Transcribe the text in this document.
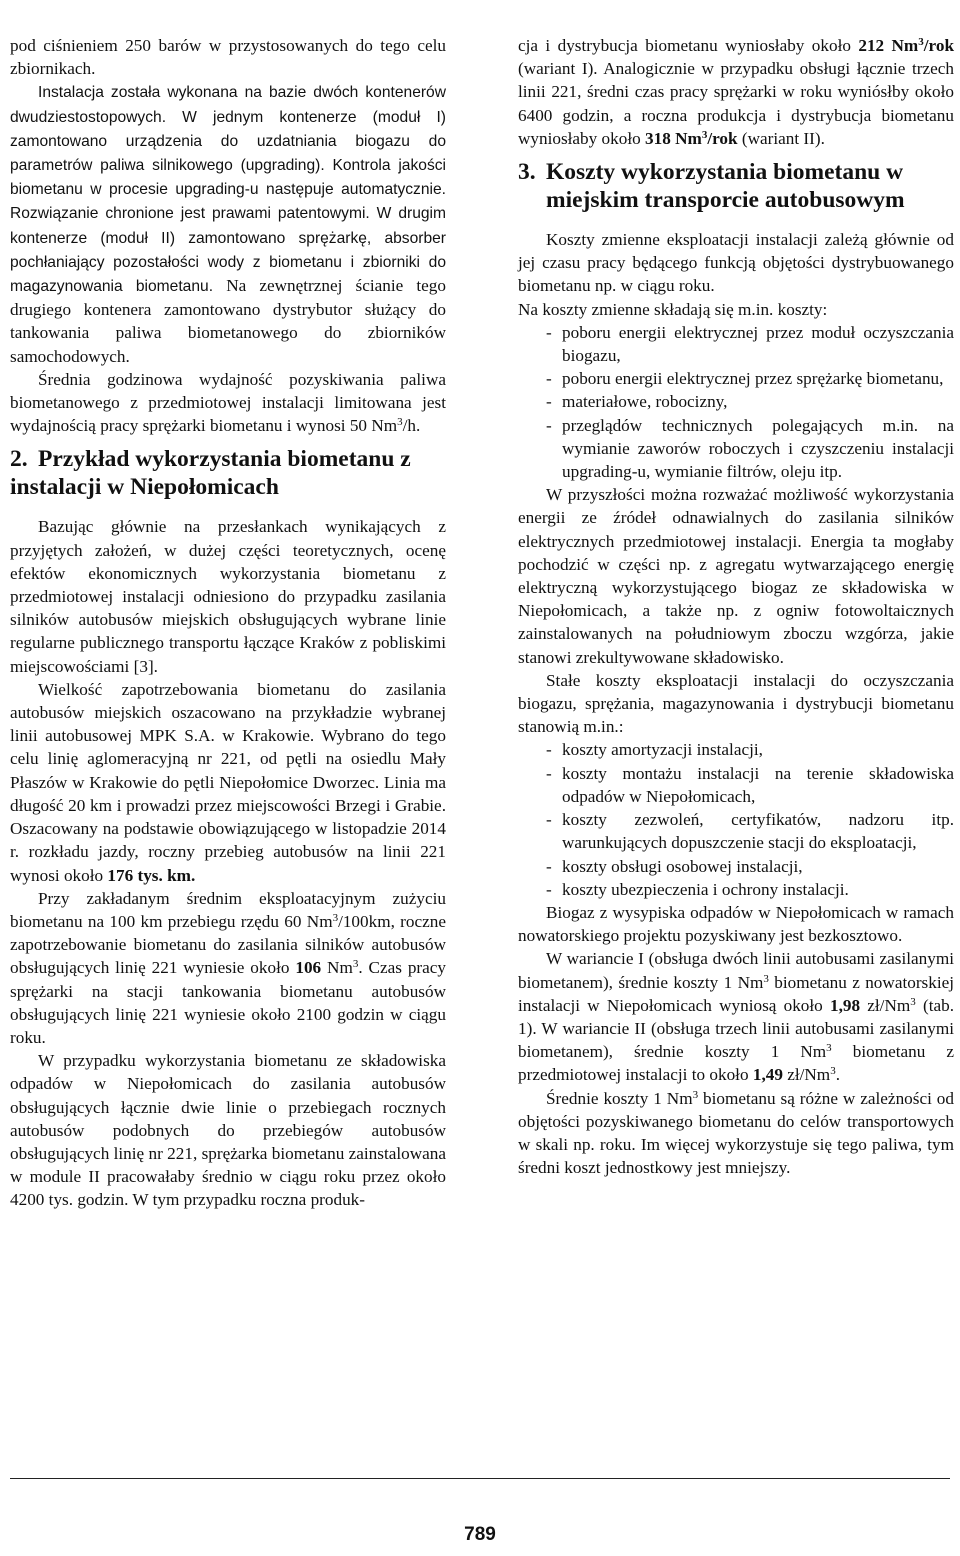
pod ciśnieniem 250 barów w przystosowanych do tego celu zbiornikach.

Instalacja została wykonana na bazie dwóch kontenerów dwudziestostopowych. W jednym kontenerze (moduł I) zamontowano urządzenia do uzdatniania biogazu do parametrów paliwa silnikowego (upgrading). Kontrola jakości biometanu w procesie upgrading-u następuje automatycznie. Rozwiązanie chronione jest prawami patentowymi. W drugim kontenerze (moduł II) zamontowano sprężarkę, absorber pochłaniający pozostałości wody z biometanu i zbiorniki do magazynowania biometanu. Na zewnętrznej ścianie tego drugiego kontenera zamontowano dystrybutor służący do tankowania paliwa biometanowego do zbiorników samochodowych.

Średnia godzinowa wydajność pozyskiwania paliwa biometanowego z przedmiotowej instalacji limitowana jest wydajnością pracy sprężarki biometanu i wynosi 50 Nm$^3$/h.

2. Przykład wykorzystania biometanu z
instalacji w Niepołomicach

Bazując głównie na przesłankach wynikających z przyjętych założeń, w dużej części teoretycznych, ocenę efektów ekonomicznych wykorzystania biometanu z przedmiotowej instalacji odniesiono do przypadku zasilania silników autobusów miejskich obsługujących wybrane linie regularne publicznego transportu łączące Kraków z pobliskimi miejscowościami [3].

Wielkość zapotrzebowania biometanu do zasilania autobusów miejskich oszacowano na przykładzie wybranej linii autobusowej MPK S.A. w Krakowie. Wybrano do tego celu linię aglomeracyjną nr 221, od pętli na osiedlu Mały Płaszów w Krakowie do pętli Niepołomice Dworzec. Linia ma długość 20 km i prowadzi przez miejscowości Brzegi i Grabie. Oszacowany na podstawie obowiązującego w listopadzie 2014 r. rozkładu jazdy, roczny przebieg autobusów na linii 221 wynosi około 176 tys. km.

Przy zakładanym średnim eksploatacyjnym zużyciu biometanu na 100 km przebiegu rzędu 60 Nm$^3$/100km, roczne zapotrzebowanie biometanu do zasilania silników autobusów obsługujących linię 221 wyniesie około 106 Nm$^3$. Czas pracy sprężarki na stacji tankowania biometanu autobusów obsługujących linię 221 wyniesie około 2100 godzin w ciągu roku.

W przypadku wykorzystania biometanu ze składowiska odpadów w Niepołomicach do zasilania autobusów obsługujących łącznie dwie linie o przebiegach rocznych autobusów podobnych do przebiegów autobusów obsługujących linię nr 221, sprężarka biometanu zainstalowana w module II pracowałaby średnio w ciągu roku przez około 4200 tys. godzin. W tym przypadku roczna produk-

cja i dystrybucja biometanu wyniosłaby około 212 Nm$^3$/rok (wariant I). Analogicznie w przypadku obsługi łącznie trzech linii 221, średni czas pracy sprężarki w roku wyniósłby około 6400 godzin, a roczna produkcja i dystrybucja biometanu wyniosłaby około 318 Nm$^3$/rok (wariant II).

3. Koszty wykorzystania biometanu w
miejskim transporcie autobusowym

Koszty zmienne eksploatacji instalacji zależą głównie od jej czasu pracy będącego funkcją objętości dystrybuowanego biometanu np. w ciągu roku.

Na koszty zmienne składają się m.in. koszty:

- poboru energii elektrycznej przez moduł oczyszczania biogazu,
- poboru energii elektrycznej przez sprężarkę biometanu,
- materiałowe, robocizny,
- przeglądów technicznych polegających m.in. na wymianie zaworów roboczych i czyszczeniu instalacji upgrading-u, wymianie filtrów, oleju itp.

W przyszłości można rozważać możliwość wykorzystania energii ze źródeł odnawialnych do zasilania silników elektrycznych przedmiotowej instalacji. Energia ta mogłaby pochodzić w części np. z agregatu wytwarzającego energię elektryczną wykorzystującego biogaz ze składowiska w Niepołomicach, a także np. z ogniw fotowoltaicznych zainstalowanych na południowym zboczu wzgórza, jakie stanowi zrekultywowane składowisko.

Stałe koszty eksploatacji instalacji do oczyszczania biogazu, sprężania, magazynowania i dystrybucji biometanu stanowią m.in.:

- koszty amortyzacji instalacji,
- koszty montażu instalacji na terenie składowiska odpadów w Niepołomicach,
- koszty zezwoleń, certyfikatów, nadzoru itp. warunkujących dopuszczenie stacji do eksploatacji,
- koszty obsługi osobowej instalacji,
- koszty ubezpieczenia i ochrony instalacji.

Biogaz z wysypiska odpadów w Niepołomicach w ramach nowatorskiego projektu pozyskiwany jest bezkosztowo.

W wariancie I (obsługa dwóch linii autobusami zasilanymi biometanem), średnie koszty 1 Nm$^3$ biometanu z nowatorskiej instalacji w Niepołomicach wyniosą około 1,98 zł/Nm$^3$ (tab. 1). W wariancie II (obsługa trzech linii autobusami zasilanymi biometanem), średnie koszty 1 Nm$^3$ biometanu z przedmiotowej instalacji to około 1,49 zł/Nm$^3$.

Średnie koszty 1 Nm$^3$ biometanu są różne w zależności od objętości pozyskiwanego biometanu do celów transportowych w skali np. roku. Im więcej wykorzystuje się tego paliwa, tym średni koszt jednostkowy jest mniejszy.

789
